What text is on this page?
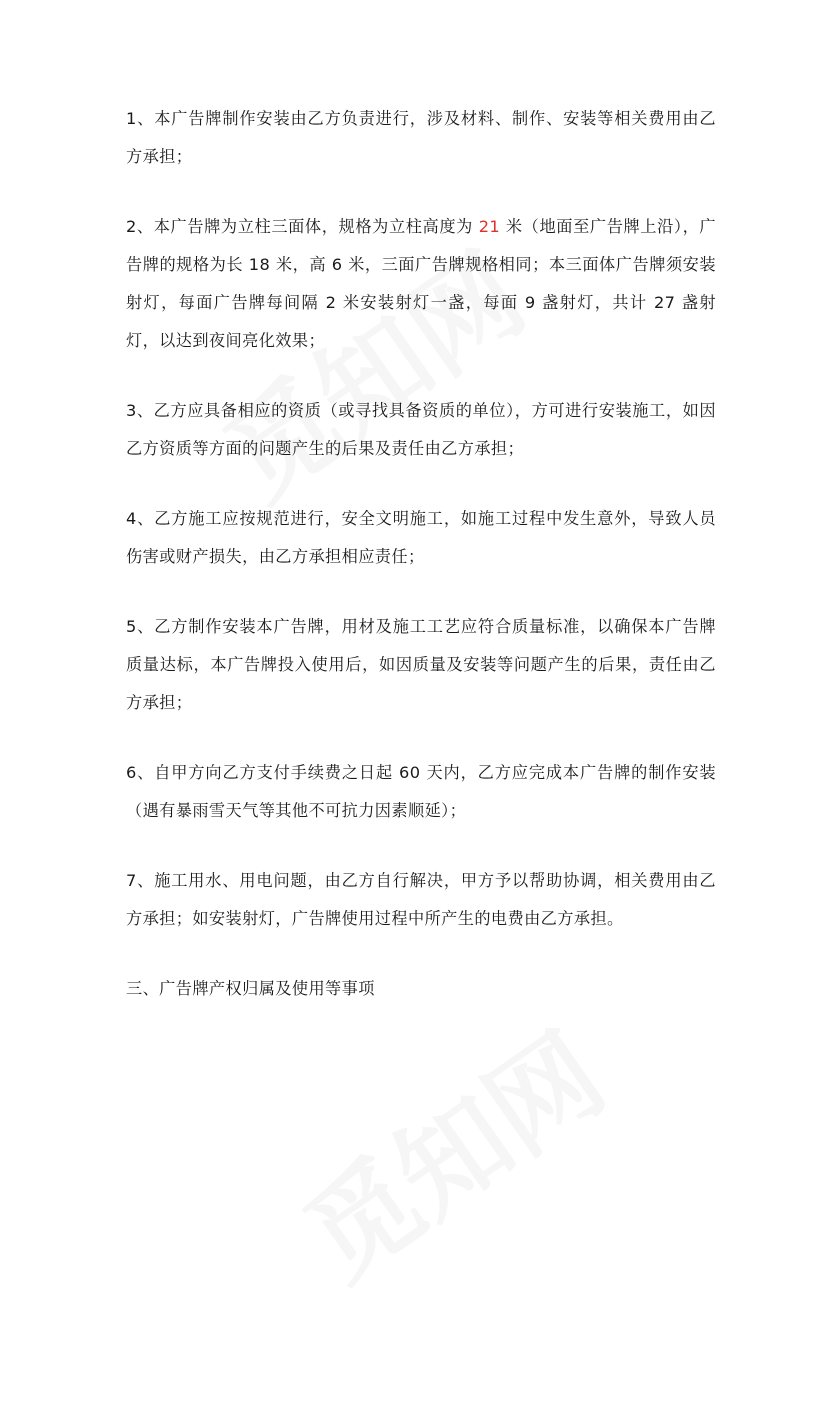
1、本广告牌制作安装由乙方负责进行，涉及材料、制作、安装等相关费用由乙方承担；

2、本广告牌为立柱三面体，规格为立柱高度为 21 米（地面至广告牌上沿），广告牌的规格为长 18 米，高 6 米，三面广告牌规格相同；本三面体广告牌须安装射灯，每面广告牌每间隔 2 米安装射灯一盏，每面 9 盏射灯，共计 27 盏射灯，以达到夜间亮化效果；

3、乙方应具备相应的资质（或寻找具备资质的单位），方可进行安装施工，如因乙方资质等方面的问题产生的后果及责任由乙方承担；

4、乙方施工应按规范进行，安全文明施工，如施工过程中发生意外，导致人员伤害或财产损失，由乙方承担相应责任；

5、乙方制作安装本广告牌，用材及施工工艺应符合质量标准，以确保本广告牌质量达标，本广告牌投入使用后，如因质量及安装等问题产生的后果，责任由乙方承担；

6、自甲方向乙方支付手续费之日起 60 天内，乙方应完成本广告牌的制作安装（遇有暴雨雪天气等其他不可抗力因素顺延）；

7、施工用水、用电问题，由乙方自行解决，甲方予以帮助协调，相关费用由乙方承担；如安装射灯，广告牌使用过程中所产生的电费由乙方承担。

三、广告牌产权归属及使用等事项
